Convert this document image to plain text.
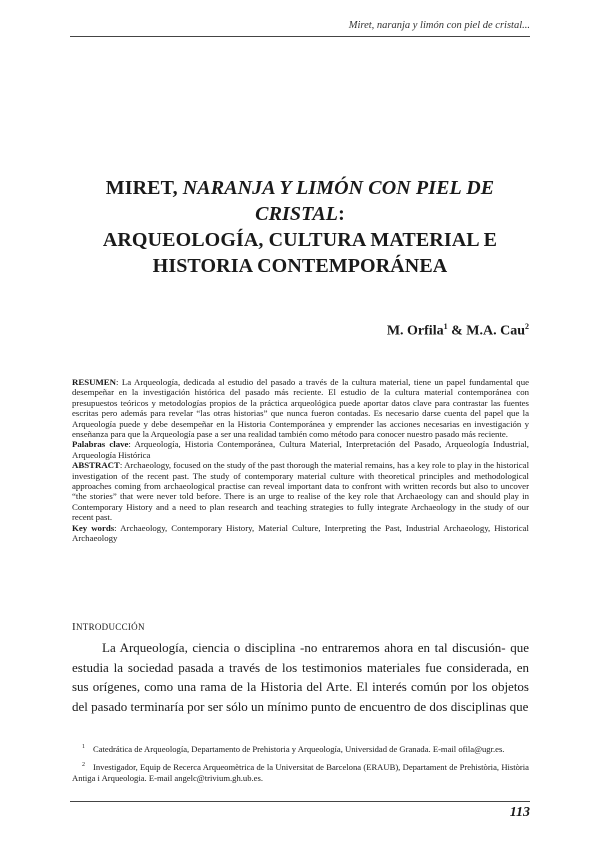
Miret, naranja y limón con piel de cristal...
MIRET, NARANJA Y LIMÓN CON PIEL DE
CRISTAL:
ARQUEOLOGÍA, CULTURA MATERIAL E
HISTORIA CONTEMPORÁNEA
M. Orfila$^1$ & M.A. Cau$^2$

RESUMEN: La Arqueología, dedicada al estudio del pasado a través de la cultura material, tiene un papel fundamental que desempeñar en la investigación histórica del pasado más reciente. El estudio de la cultura material contemporánea con presupuestos teóricos y metodologías propios de la práctica arqueológica puede aportar datos clave para contrastar las fuentes escritas pero además para revelar “las otras historias” que nunca fueron contadas. Es necesario darse cuenta del papel que la Arqueología puede y debe desempeñar en la Historia Contemporánea y emprender las acciones necesarias en investigación y enseñanza para que la Arqueología pase a ser una realidad también como método para conocer nuestro pasado más reciente.

Palabras clave: Arqueología, Historia Contemporánea, Cultura Material, Interpretación del Pasado, Arqueología Industrial, Arqueología Histórica

ABSTRACT: Archaeology, focused on the study of the past thorough the material remains, has a key role to play in the historical investigation of the recent past. The study of contemporary material culture with theoretical principles and methodological approaches coming from archaeological practise can reveal important data to confront with written records but also to uncover “the stories” that were never told before. There is an urge to realise of the key role that Archaeology can and should play in Contemporary History and a need to plan research and teaching strategies to fully integrate Archaeology in the study of our recent past.

Key words: Archaeology, Contemporary History, Material Culture, Interpreting the Past, Industrial Archaeology, Historical Archaeology

INTRODUCCIÓN

La Arqueología, ciencia o disciplina -no entraremos ahora en tal discusión- que estudia la sociedad pasada a través de los testimonios materiales fue considerada, en sus orígenes, como una rama de la Historia del Arte. El interés común por los objetos del pasado terminaría por ser sólo un mínimo punto de encuentro de dos disciplinas que

$^1$ Catedrática de Arqueología, Departamento de Prehistoria y Arqueología, Universidad de Granada. E-mail ofila@ugr.es.

$^2$ Investigador, Equip de Recerca Arqueomètrica de la Universitat de Barcelona (ERAUB), Departament de Prehistòria, Història Antiga i Arqueologia. E-mail angelc@trivium.gh.ub.es.

113
